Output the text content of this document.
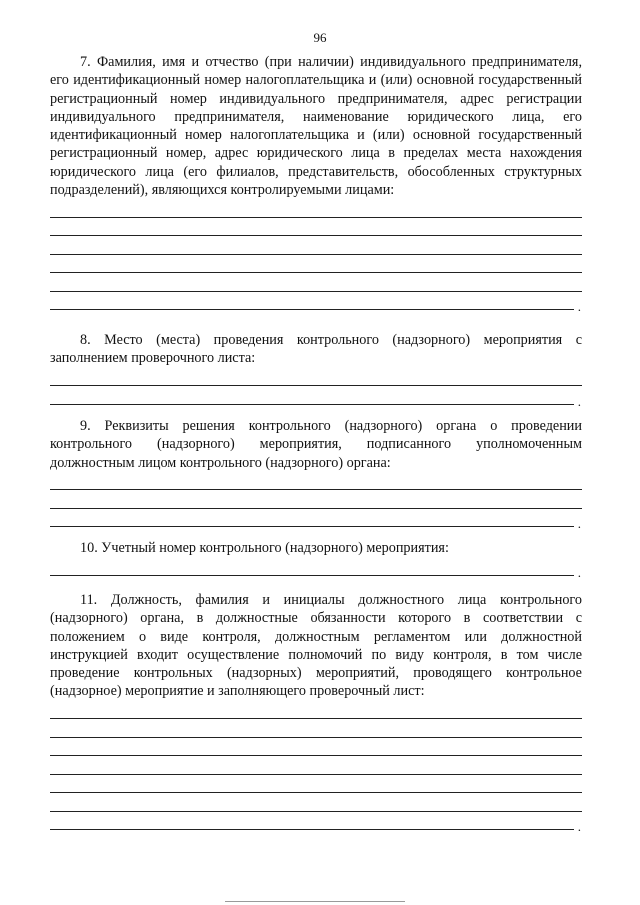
96

7. Фамилия, имя и отчество (при наличии) индивидуального предпринимателя, его идентификационный номер налогоплательщика и (или) основной государственный регистрационный номер индивидуального предпринимателя, адрес регистрации индивидуального предпринимателя, наименование юридического лица, его идентификационный номер налогоплательщика и (или) основной государственный регистрационный номер, адрес юридического лица в пределах места нахождения юридического лица (его филиалов, представительств, обособленных структурных подразделений), являющихся контролируемыми лицами:

.

8. Место (места) проведения контрольного (надзорного) мероприятия с заполнением проверочного листа:

.

9. Реквизиты решения контрольного (надзорного) органа о проведении контрольного (надзорного) мероприятия, подписанного уполномоченным должностным лицом контрольного (надзорного) органа:

.

10. Учетный номер контрольного (надзорного) мероприятия:

.

11. Должность, фамилия и инициалы должностного лица контрольного (надзорного) органа, в должностные обязанности которого в соответствии с положением о виде контроля, должностным регламентом или должностной инструкцией входит осуществление полномочий по виду контроля, в том числе проведение контрольных (надзорных) мероприятий, проводящего контрольное (надзорное) мероприятие и заполняющего проверочный лист:

.
